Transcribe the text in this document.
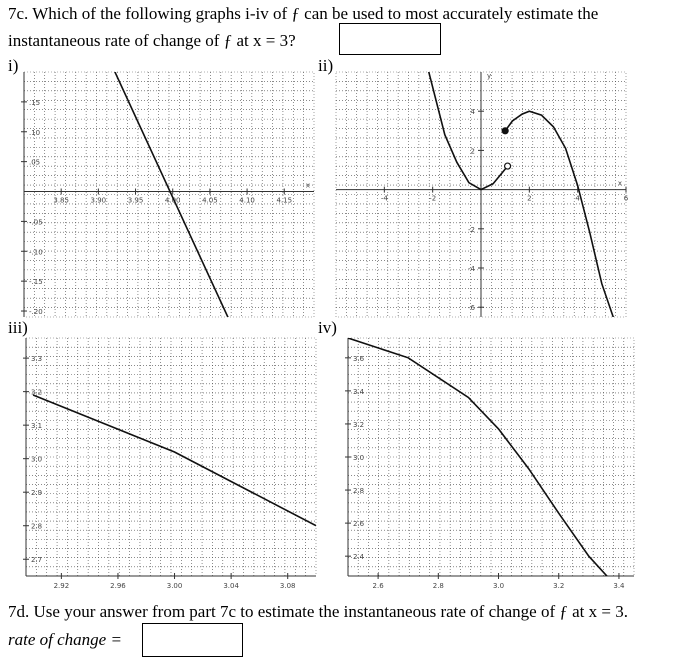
7c. Which of the following graphs i-iv of ƒ can be used to most accurately estimate the
instantaneous rate of change of ƒ at x = 3?
i)	ii)
iii)	iv)
3.85	3.90	3.95	4.00	4.05	4.10	4.15
.15
.10
.05
-.05
-.10
-.15
-.20
x
-4	-2	2	4	6
4
2
-2
-4
-6
x
y
2.92	2.96	3.00	3.04	3.08
3.3
3.2
3.1
3.0
2.9
2.8
2.7
2.6	2.8	3.0	3.2	3.4
3.6
3.4
3.2
3.0
2.8
2.6
2.4
7d. Use your answer from part 7c to estimate the instantaneous rate of change of ƒ at x = 3.
rate of change =
